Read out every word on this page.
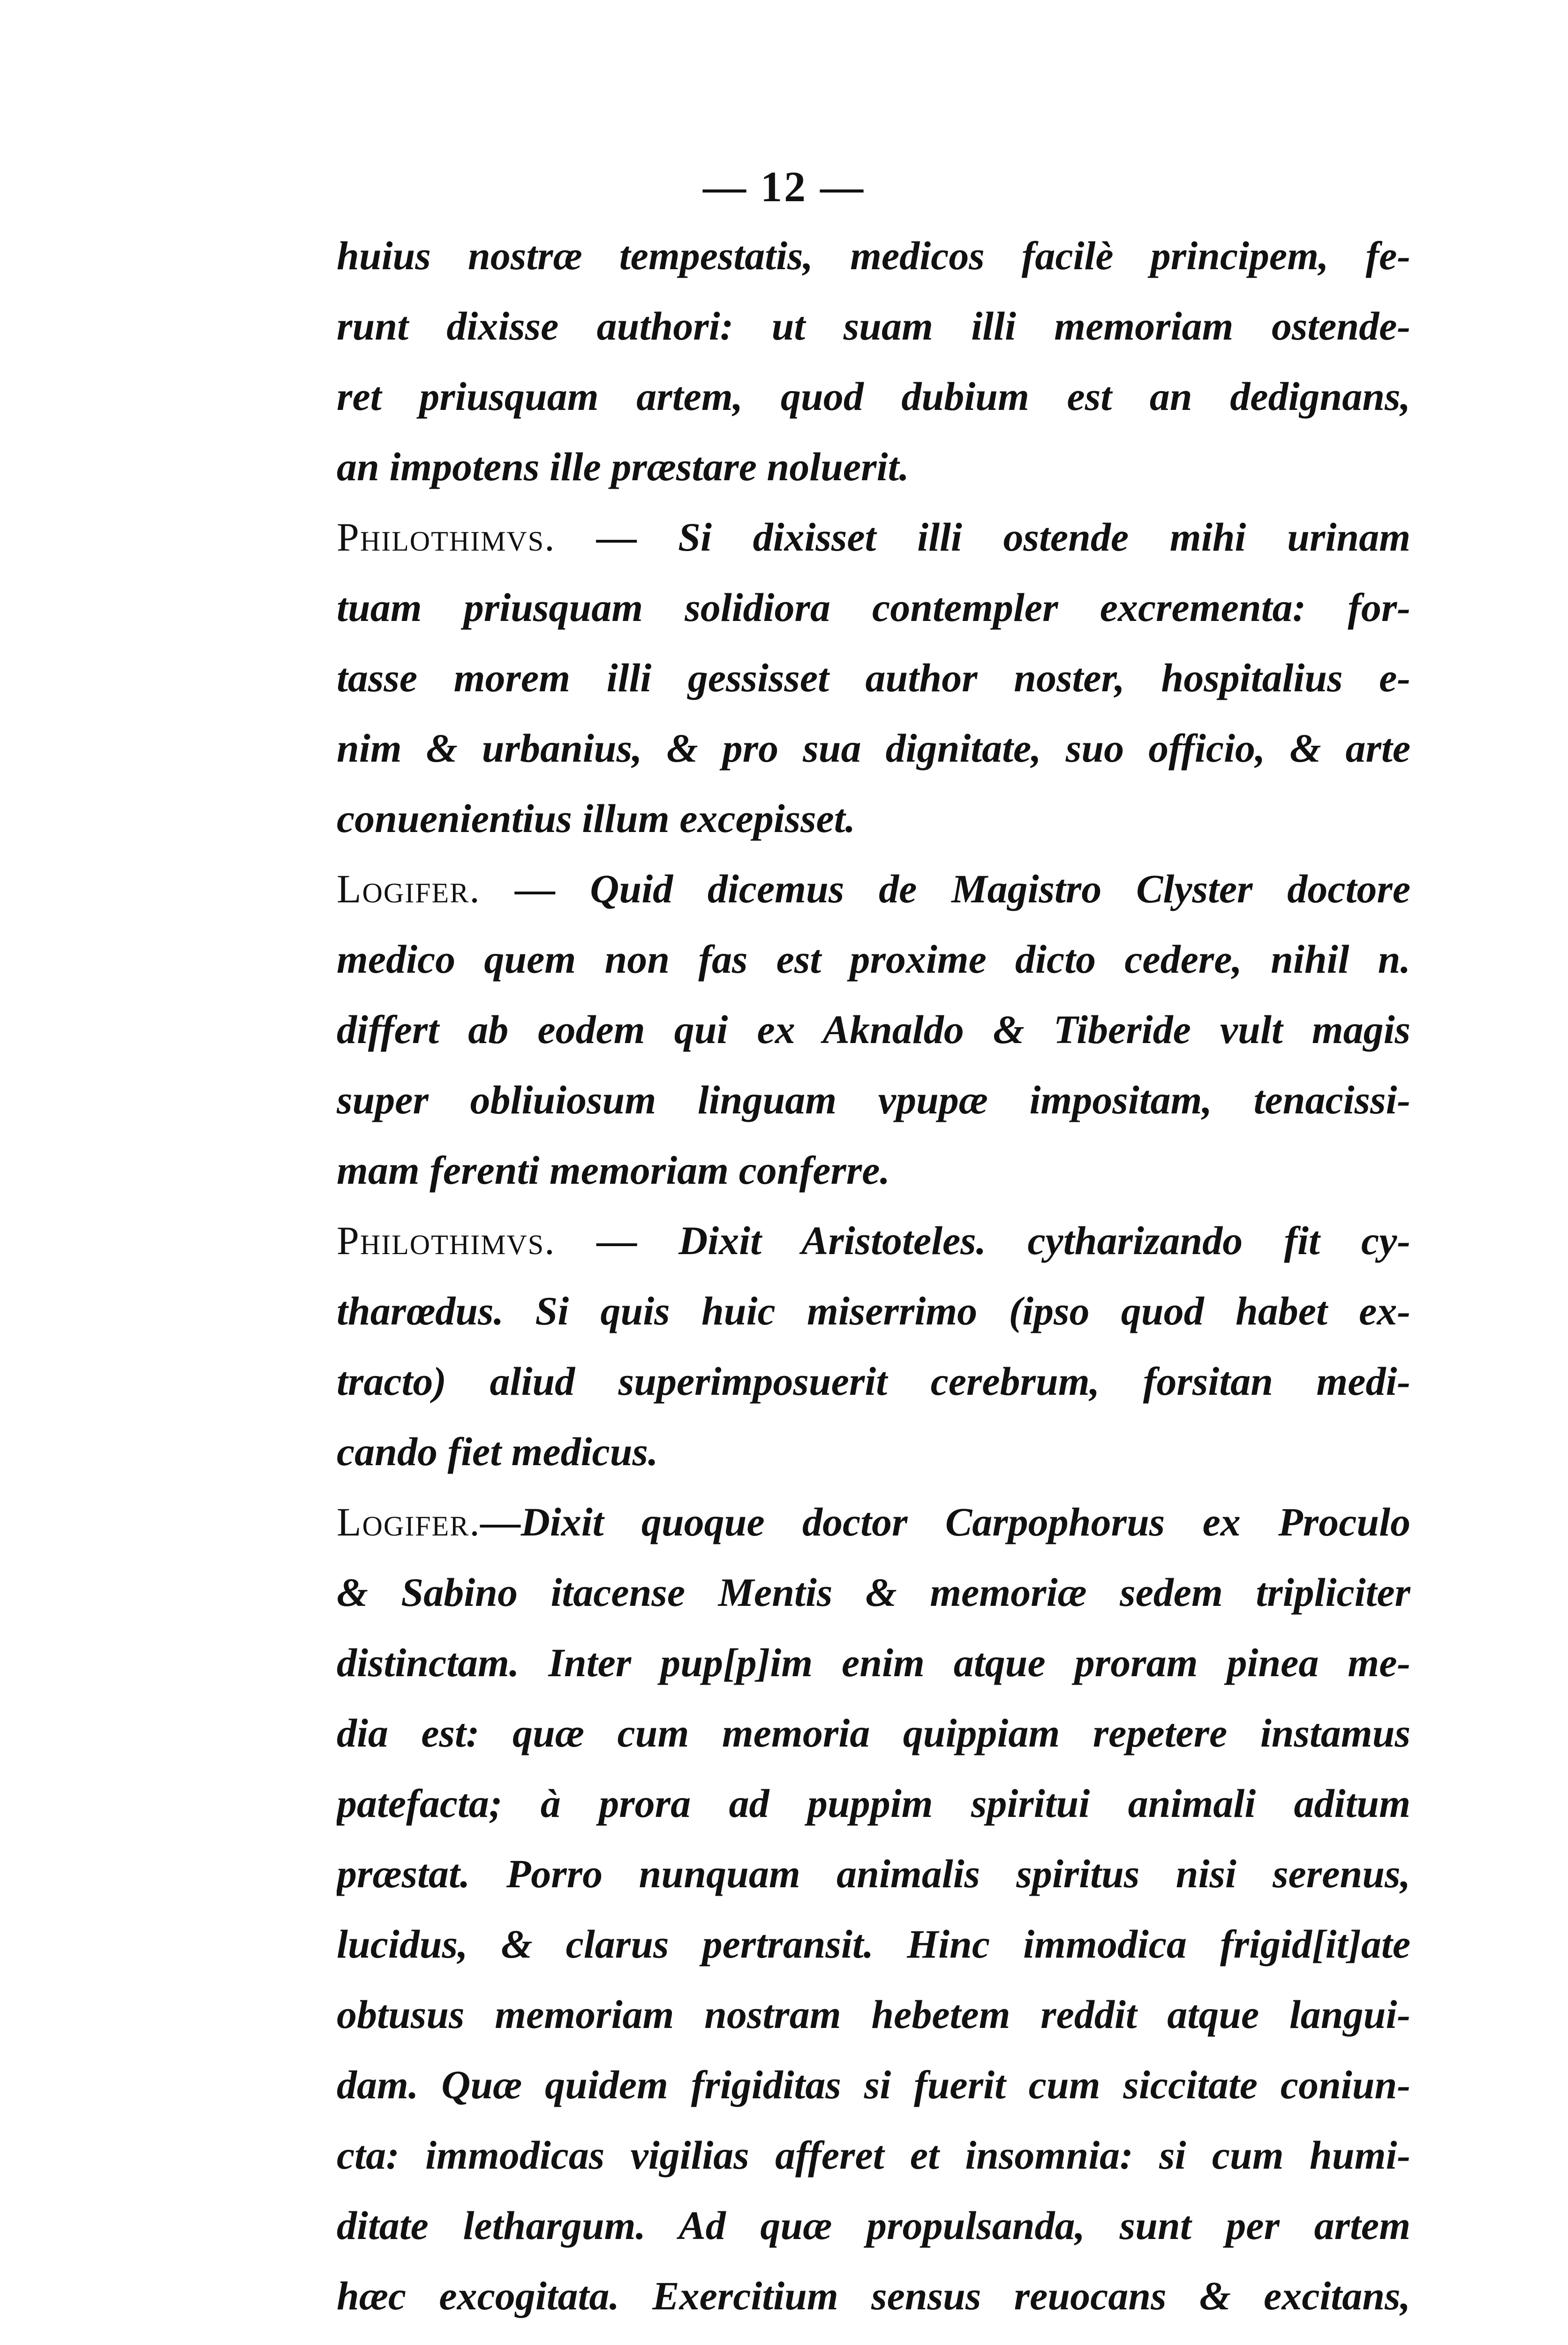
— 12 —
huius nostræ tempestatis, medicos facilè principem, fe-
runt dixisse authori: ut suam illi memoriam ostende-
ret priusquam artem, quod dubium est an dedignans,
an impotens ille præstare noluerit.
Philothimvs. — Si dixisset illi ostende mihi urinam
tuam priusquam solidiora contempler excrementa: for-
tasse morem illi gessisset author noster, hospitalius e-
nim & urbanius, & pro sua dignitate, suo officio, & arte
conuenientius illum excepisset.
Logifer. — Quid dicemus de Magistro Clyster doctore
medico quem non fas est proxime dicto cedere, nihil n.
differt ab eodem qui ex Aknaldo & Tiberide vult magis
super obliuiosum linguam vpupæ impositam, tenacissi-
mam ferenti memoriam conferre.
Philothimvs. — Dixit Aristoteles. cytharizando fit cy-
tharœdus. Si quis huic miserrimo (ipso quod habet ex-
tracto) aliud superimposuerit cerebrum, forsitan medi-
cando fiet medicus.
Logifer.—Dixit quoque doctor Carpophorus ex Proculo
& Sabino itacense Mentis & memoriæ sedem tripliciter
distinctam. Inter pup[p]im enim atque proram pinea me-
dia est: quæ cum memoria quippiam repetere instamus
patefacta; à prora ad puppim spiritui animali aditum
præstat. Porro nunquam animalis spiritus nisi serenus,
lucidus, & clarus pertransit. Hinc immodica frigid[it]ate
obtusus memoriam nostram hebetem reddit atque langui-
dam. Quæ quidem frigiditas si fuerit cum siccitate coniun-
cta: immodicas vigilias afferet et insomnia: si cum humi-
ditate lethargum. Ad quæ propulsanda, sunt per artem
hæc excogitata. Exercitium sensus reuocans & excitans,
